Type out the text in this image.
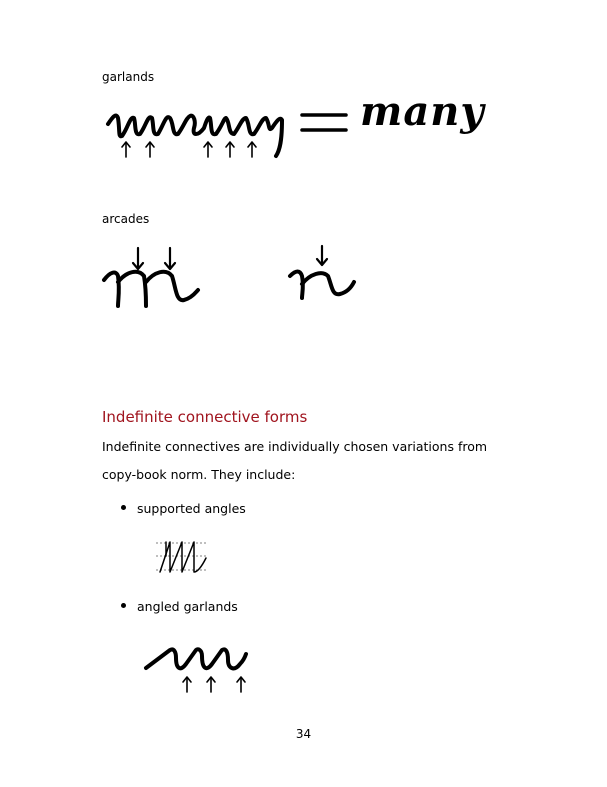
garlands
many
arcades
Indefinite connective forms
Indefinite connectives are individually chosen variations from copy-book norm. They include:
supported angles
angled garlands
34
